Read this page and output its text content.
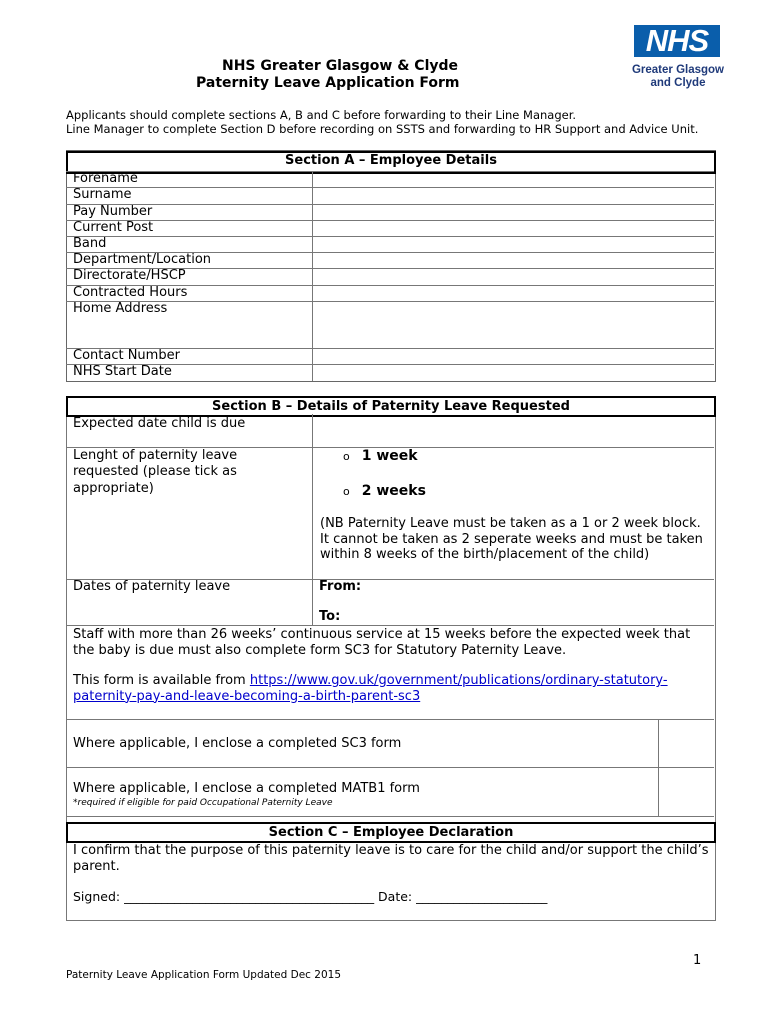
NHS
Greater Glasgow
and Clyde
NHS Greater Glasgow & Clyde
Paternity Leave Application Form
Applicants should complete sections A, B and C before forwarding to their Line Manager.
Line Manager to complete Section D before recording on SSTS and forwarding to HR Support and Advice Unit.
Section A – Employee Details
Forename
Surname
Pay Number
Current Post
Band
Department/Location
Directorate/HSCP
Contracted Hours
Home Address
Contact Number
NHS Start Date
Section B – Details of Paternity Leave Requested
Expected date child is due
Lenght of paternity leave requested (please tick as appropriate)
o 1 week
o 2 weeks
(NB Paternity Leave must be taken as a 1 or 2 week block. It cannot be taken as 2 seperate weeks and must be taken within 8 weeks of the birth/placement of the child)
Dates of paternity leave	From:
To:
Staff with more than 26 weeks’ continuous service at 15 weeks before the expected week that the baby is due must also complete form SC3 for Statutory Paternity Leave.
This form is available from https://www.gov.uk/government/publications/ordinary-statutory-paternity-pay-and-leave-becoming-a-birth-parent-sc3
Where applicable, I enclose a completed SC3 form
Where applicable, I enclose a completed MATB1 form
*required if eligible for paid Occupational Paternity Leave
Section C – Employee Declaration
I confirm that the purpose of this paternity leave is to care for the child and/or support the child’s parent.
Signed: ________________________________________ Date: _____________________
1
Paternity Leave Application Form Updated Dec 2015
